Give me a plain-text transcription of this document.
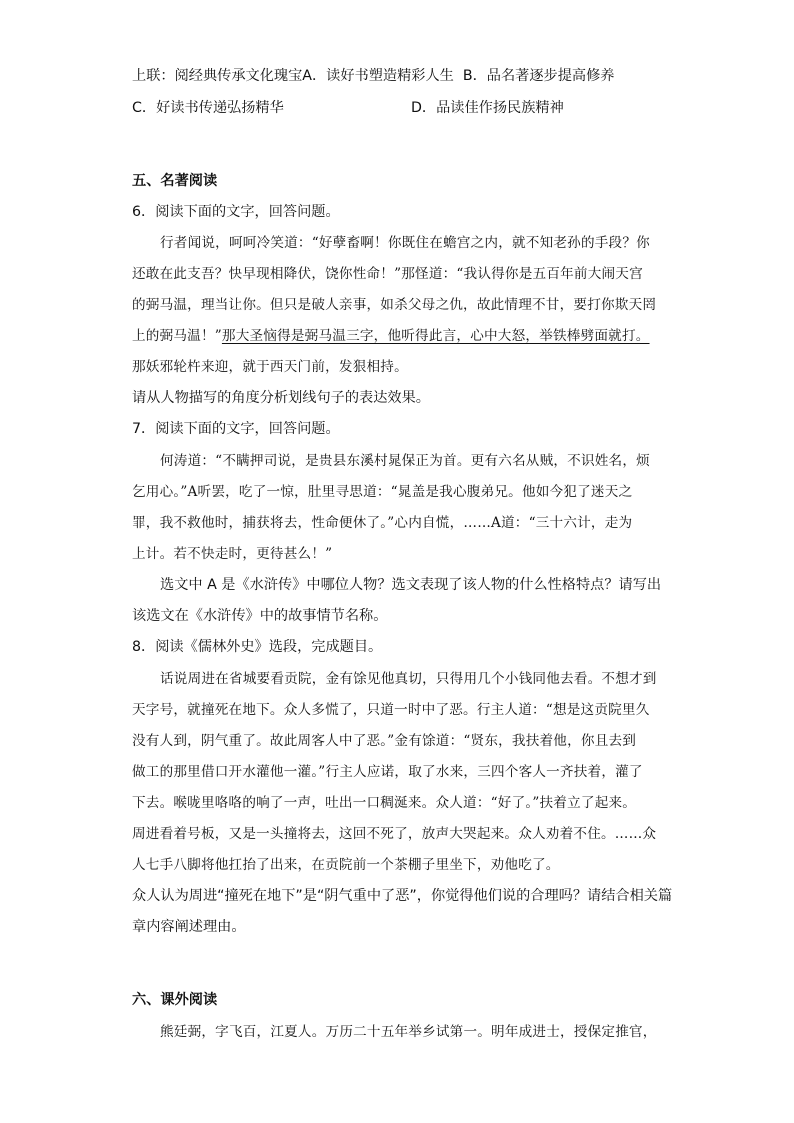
上联：阅经典传承文化瑰宝A．读好书塑造精彩人生 B．品名著逐步提高修养
C．好读书传递弘扬精华	D．品读佳作扬民族精神
五、名著阅读
6．阅读下面的文字，回答问题。
行者闻说，呵呵冷笑道：“好孽畜啊！你既住在蟾宫之内，就不知老孙的手段？你
还敢在此支吾？快早现相降伏，饶你性命！”那怪道：“我认得你是五百年前大闹天宫
的弼马温，理当让你。但只是破人亲事，如杀父母之仇，故此情理不甘，要打你欺天罔
上的弼马温！”那大圣恼得是弼马温三字，他听得此言，心中大怒，举铁棒劈面就打。
那妖邪轮杵来迎，就于西天门前，发狠相持。
请从人物描写的角度分析划线句子的表达效果。
7．阅读下面的文字，回答问题。
何涛道：“不瞒押司说，是贵县东溪村晁保正为首。更有六名从贼，不识姓名，烦
乞用心。”A听罢，吃了一惊，肚里寻思道：“晁盖是我心腹弟兄。他如今犯了迷天之
罪，我不救他时，捕获将去，性命便休了。”心内自慌，……A道：“三十六计，走为
上计。若不快走时，更待甚么！”
选文中 A 是《水浒传》中哪位人物？选文表现了该人物的什么性格特点？请写出
该选文在《水浒传》中的故事情节名称。
8．阅读《儒林外史》选段，完成题目。
话说周进在省城要看贡院，金有馀见他真切，只得用几个小钱同他去看。不想才到
天字号，就撞死在地下。众人多慌了，只道一时中了恶。行主人道：“想是这贡院里久
没有人到，阴气重了。故此周客人中了恶。”金有馀道：“贤东，我扶着他，你且去到
做工的那里借口开水灌他一灌。”行主人应诺，取了水来，三四个客人一齐扶着，灌了
下去。喉咙里咯咯的响了一声，吐出一口稠涎来。众人道：“好了。”扶着立了起来。
周进看着号板，又是一头撞将去，这回不死了，放声大哭起来。众人劝着不住。……众
人七手八脚将他扛抬了出来，在贡院前一个茶棚子里坐下，劝他吃了。
众人认为周进“撞死在地下”是“阴气重中了恶”，你觉得他们说的合理吗？请结合相关篇
章内容阐述理由。
六、课外阅读
熊廷弼，字飞百，江夏人。万历二十五年举乡试第一。明年成进士，授保定推官，
